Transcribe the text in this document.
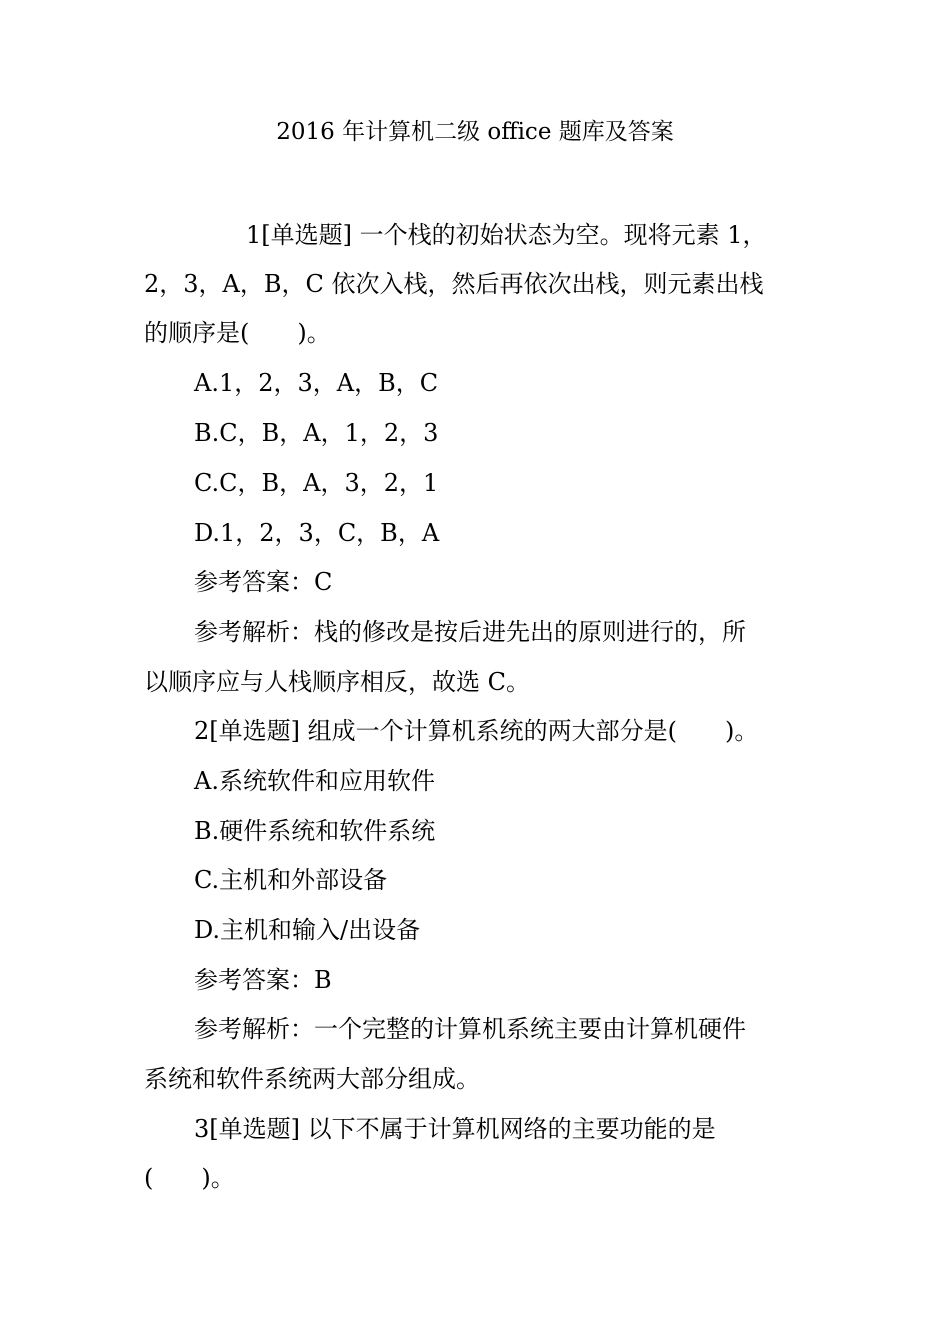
2016 年计算机二级 office 题库及答案
1[单选题] 一个栈的初始状态为空。现将元素 1，
2，3，A，B，C 依次入栈，然后再依次出栈，则元素出栈
的顺序是(　　)。
A.1，2，3，A，B，C
B.C，B，A，1，2，3
C.C，B，A，3，2，1
D.1，2，3，C，B，A
参考答案：C
参考解析：栈的修改是按后进先出的原则进行的，所
以顺序应与人栈顺序相反，故选 C。
2[单选题] 组成一个计算机系统的两大部分是(　　)。
A.系统软件和应用软件
B.硬件系统和软件系统
C.主机和外部设备
D.主机和输入/出设备
参考答案：B
参考解析：一个完整的计算机系统主要由计算机硬件
系统和软件系统两大部分组成。
3[单选题] 以下不属于计算机网络的主要功能的是
(　　)。
